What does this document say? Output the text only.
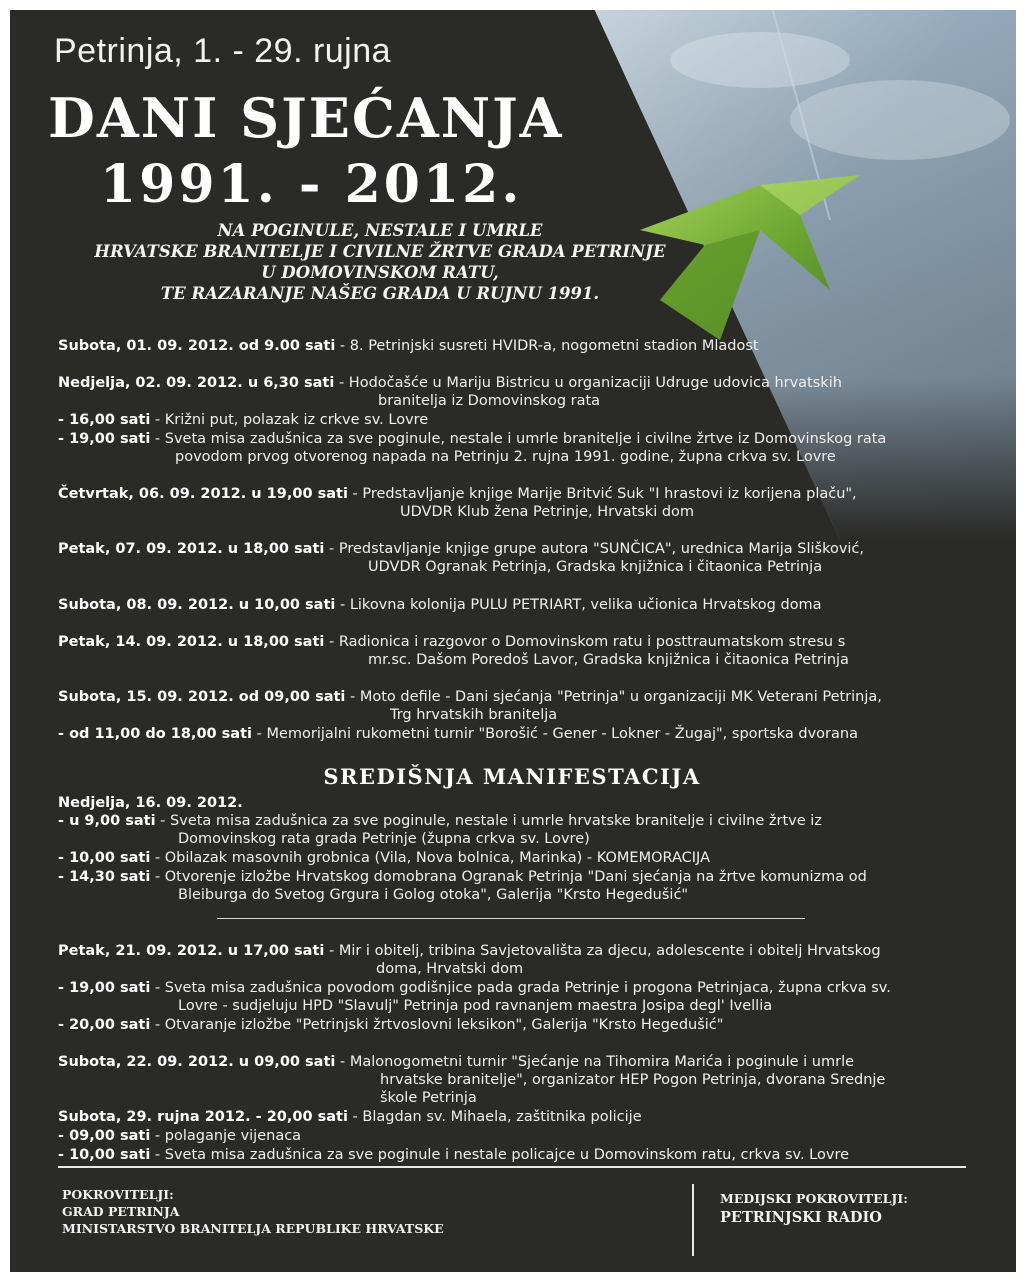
Petrinja, 1. - 29. rujna
DANI SJEĆANJA
1991. - 2012.
NA POGINULE, NESTALE I UMRLE
HRVATSKE BRANITELJE I CIVILNE ŽRTVE GRADA PETRINJE
U DOMOVINSKOM RATU,
TE RAZARANJE NAŠEG GRADA U RUJNU 1991.
Subota, 01. 09. 2012. od 9.00 sati - 8. Petrinjski susreti HVIDR-a, nogometni stadion Mladost
Nedjelja, 02. 09. 2012. u 6,30 sati - Hodočašće u Mariju Bistricu u organizaciji Udruge udovica hrvatskih
branitelja iz Domovinskog rata
- 16,00 sati - Križni put, polazak iz crkve sv. Lovre
- 19,00 sati - Sveta misa zadušnica za sve poginule, nestale i umrle branitelje i civilne žrtve iz Domovinskog rata
povodom prvog otvorenog napada na Petrinju 2. rujna 1991. godine, župna crkva sv. Lovre
Četvrtak, 06. 09. 2012. u 19,00 sati - Predstavljanje knjige Marije Britvić Suk "I hrastovi iz korijena plaču",
UDVDR Klub žena Petrinje, Hrvatski dom
Petak, 07. 09. 2012. u 18,00 sati - Predstavljanje knjige grupe autora "SUNČICA", urednica Marija Slišković,
UDVDR Ogranak Petrinja, Gradska knjižnica i čitaonica Petrinja
Subota, 08. 09. 2012. u 10,00 sati - Likovna kolonija PULU PETRIART, velika učionica Hrvatskog doma
Petak, 14. 09. 2012. u 18,00 sati - Radionica i razgovor o Domovinskom ratu i posttraumatskom stresu s
mr.sc. Dašom Poredoš Lavor, Gradska knjižnica i čitaonica Petrinja
Subota, 15. 09. 2012. od 09,00 sati - Moto defile - Dani sjećanja "Petrinja" u organizaciji MK Veterani Petrinja,
Trg hrvatskih branitelja
- od 11,00 do 18,00 sati - Memorijalni rukometni turnir "Borošić - Gener - Lokner - Žugaj", sportska dvorana
SREDIŠNJA MANIFESTACIJA
Nedjelja, 16. 09. 2012.
- u 9,00 sati - Sveta misa zadušnica za sve poginule, nestale i umrle hrvatske branitelje i civilne žrtve iz
Domovinskog rata grada Petrinje (župna crkva sv. Lovre)
- 10,00 sati - Obilazak masovnih grobnica (Vila, Nova bolnica, Marinka) - KOMEMORACIJA
- 14,30 sati - Otvorenje izložbe Hrvatskog domobrana Ogranak Petrinja "Dani sjećanja na žrtve komunizma od
Bleiburga do Svetog Grgura i Golog otoka", Galerija "Krsto Hegedušić"
Petak, 21. 09. 2012. u 17,00 sati - Mir i obitelj, tribina Savjetovališta za djecu, adolescente i obitelj Hrvatskog
doma, Hrvatski dom
- 19,00 sati - Sveta misa zadušnica povodom godišnjice pada grada Petrinje i progona Petrinjaca, župna crkva sv.
Lovre - sudjeluju HPD "Slavulj" Petrinja pod ravnanjem maestra Josipa degl' Ivellia
- 20,00 sati - Otvaranje izložbe "Petrinjski žrtvoslovni leksikon", Galerija "Krsto Hegedušić"
Subota, 22. 09. 2012. u 09,00 sati - Malonogometni turnir "Sjećanje na Tihomira Marića i poginule i umrle
hrvatske branitelje", organizator HEP Pogon Petrinja, dvorana Srednje
škole Petrinja
Subota, 29. rujna 2012. - 20,00 sati - Blagdan sv. Mihaela, zaštitnika policije
- 09,00 sati - polaganje vijenaca
- 10,00 sati - Sveta misa zadušnica za sve poginule i nestale policajce u Domovinskom ratu, crkva sv. Lovre
POKROVITELJI:
GRAD PETRINJA
MINISTARSTVO BRANITELJA REPUBLIKE HRVATSKE
MEDIJSKI POKROVITELJI:
PETRINJSKI RADIO
